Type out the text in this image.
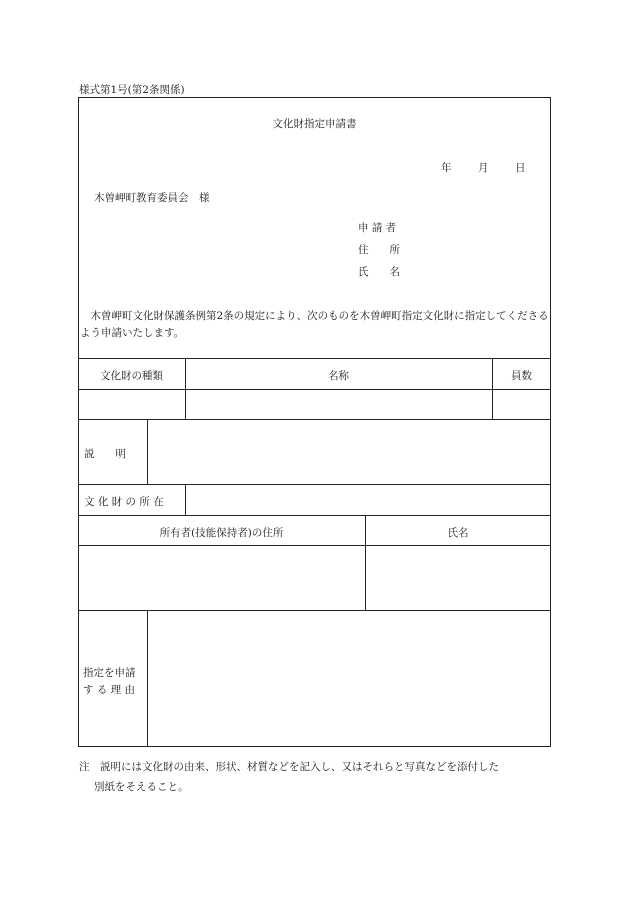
様式第1号(第2条関係)
文化財指定申請書
年	月	日
木曽岬町教育委員会　様
申 請 者
住　　所
氏　　名
木曽岬町文化財保護条例第2条の規定により、次のものを木曽岬町指定文化財に指定してくださるよう申請いたします。
文化財の種類	名称	員数
説　　明
文 化 財 の 所 在
所有者(技能保持者)の住所	氏名
指定を申請
す る 理 由
注　説明には文化財の由来、形状、材質などを記入し、又はそれらと写真などを添付した
別紙をそえること。
